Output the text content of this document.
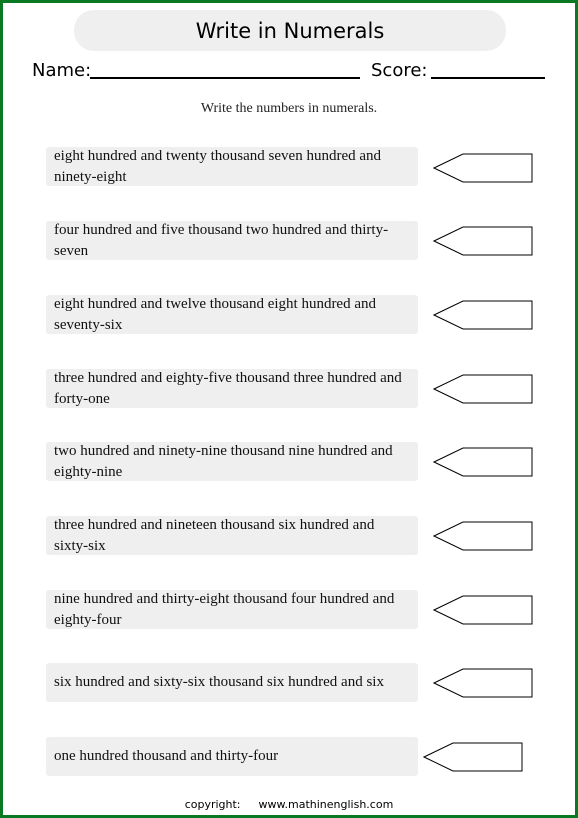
Write in Numerals
Name:	Score:
Write the numbers in numerals.
eight hundred and twenty thousand seven hundred and ninety-eight
four hundred and five thousand two hundred and thirty-seven
eight hundred and twelve thousand eight hundred and seventy-six
three hundred and eighty-five thousand three hundred and forty-one
two hundred and ninety-nine thousand nine hundred and eighty-nine
three hundred and nineteen thousand six hundred and sixty-six
nine hundred and thirty-eight thousand four hundred and eighty-four
six hundred and sixty-six thousand six hundred and six
one hundred thousand and thirty-four
copyright: www.mathinenglish.com
